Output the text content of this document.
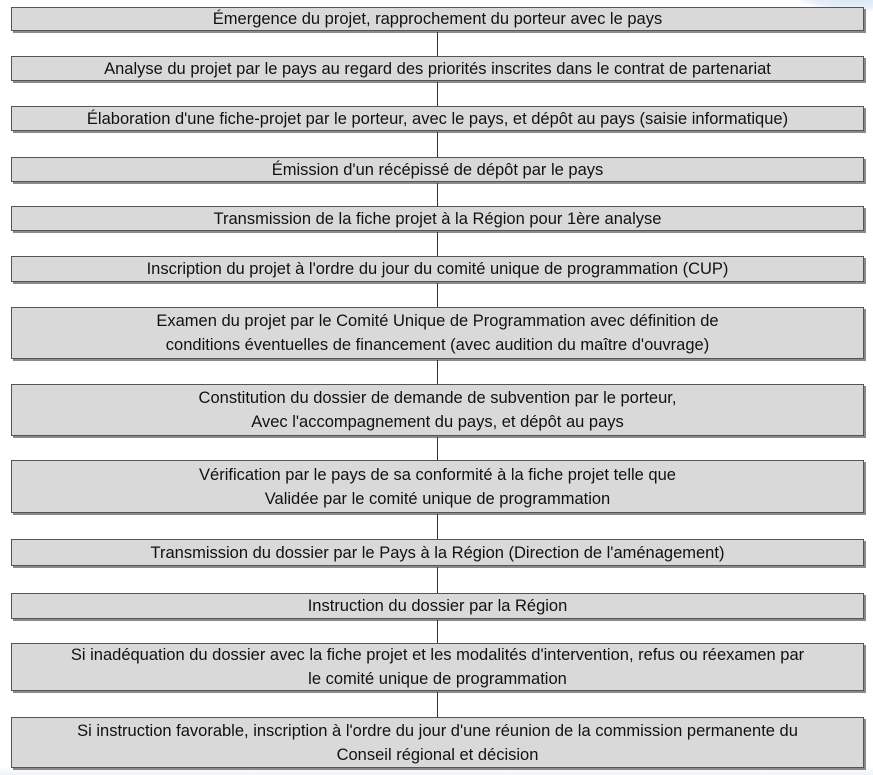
Émergence du projet, rapprochement du porteur avec le pays
Analyse du projet par le pays au regard des priorités inscrites dans le contrat de partenariat
Élaboration d'une fiche-projet par le porteur, avec le pays, et dépôt au pays (saisie informatique)
Émission d'un récépissé de dépôt par le pays
Transmission de la fiche projet à la Région pour 1ère analyse
Inscription du projet à l'ordre du jour du comité unique de programmation (CUP)
Examen du projet par le Comité Unique de Programmation avec définition de
conditions éventuelles de financement (avec audition du maître d'ouvrage)
Constitution du dossier de demande de subvention par le porteur,
Avec l'accompagnement du pays, et dépôt au pays
Vérification par le pays de sa conformité à la fiche projet telle que
Validée par le comité unique de programmation
Transmission du dossier par le Pays à la Région (Direction de l'aménagement)
Instruction du dossier par la Région
Si inadéquation du dossier avec la fiche projet et les modalités d'intervention, refus ou réexamen par
le comité unique de programmation
Si instruction favorable, inscription à l'ordre du jour d'une réunion de la commission permanente du
Conseil régional et décision
